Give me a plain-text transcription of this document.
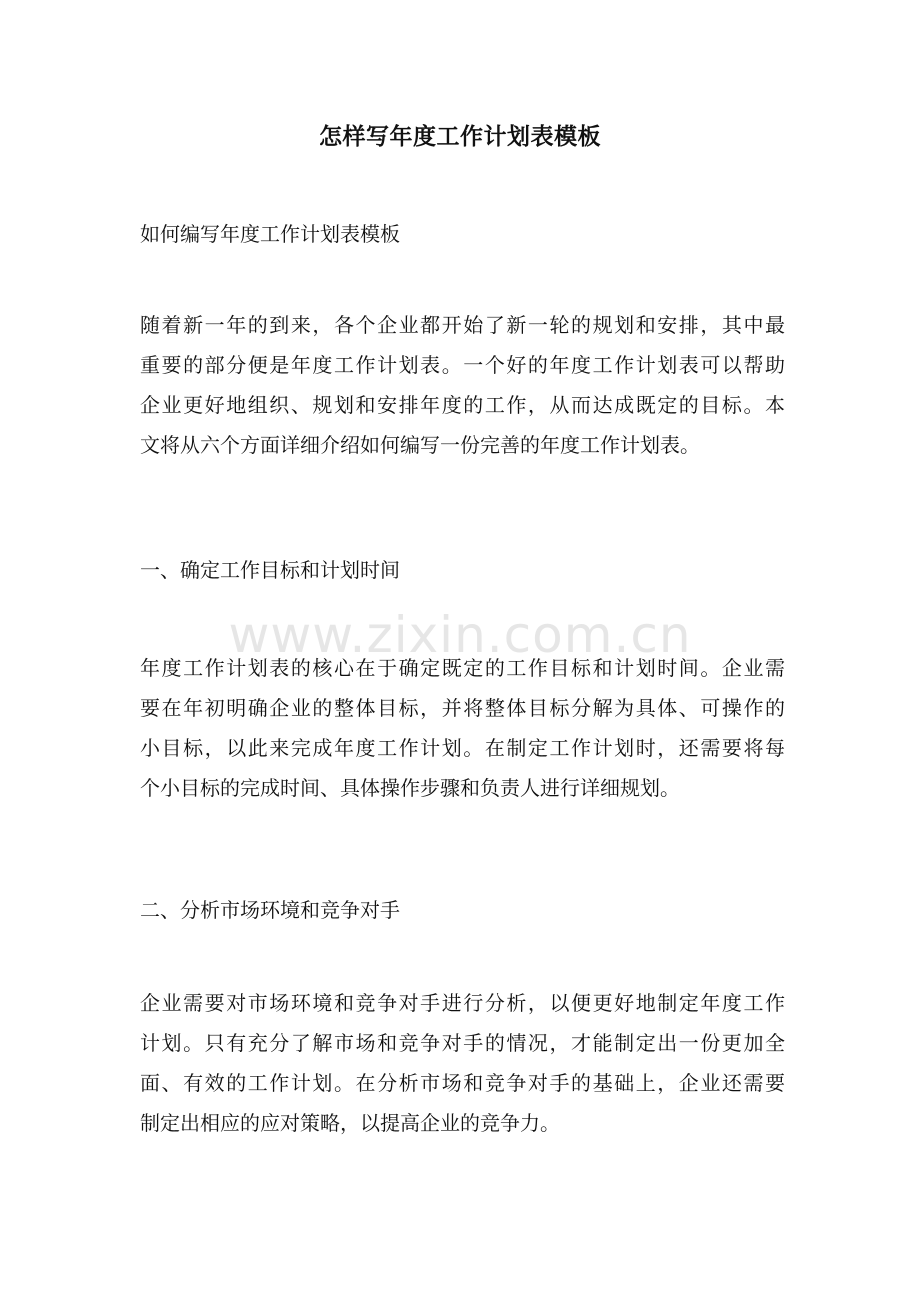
怎样写年度工作计划表模板

如何编写年度工作计划表模板

随着新一年的到来，各个企业都开始了新一轮的规划和安排，其中最
重要的部分便是年度工作计划表。一个好的年度工作计划表可以帮助
企业更好地组织、规划和安排年度的工作，从而达成既定的目标。本
文将从六个方面详细介绍如何编写一份完善的年度工作计划表。

一、确定工作目标和计划时间

www.zixin.com.cn
年度工作计划表的核心在于确定既定的工作目标和计划时间。企业需
要在年初明确企业的整体目标，并将整体目标分解为具体、可操作的
小目标，以此来完成年度工作计划。在制定工作计划时，还需要将每
个小目标的完成时间、具体操作步骤和负责人进行详细规划。

二、分析市场环境和竞争对手

企业需要对市场环境和竞争对手进行分析，以便更好地制定年度工作
计划。只有充分了解市场和竞争对手的情况，才能制定出一份更加全
面、有效的工作计划。在分析市场和竞争对手的基础上，企业还需要
制定出相应的应对策略，以提高企业的竞争力。
